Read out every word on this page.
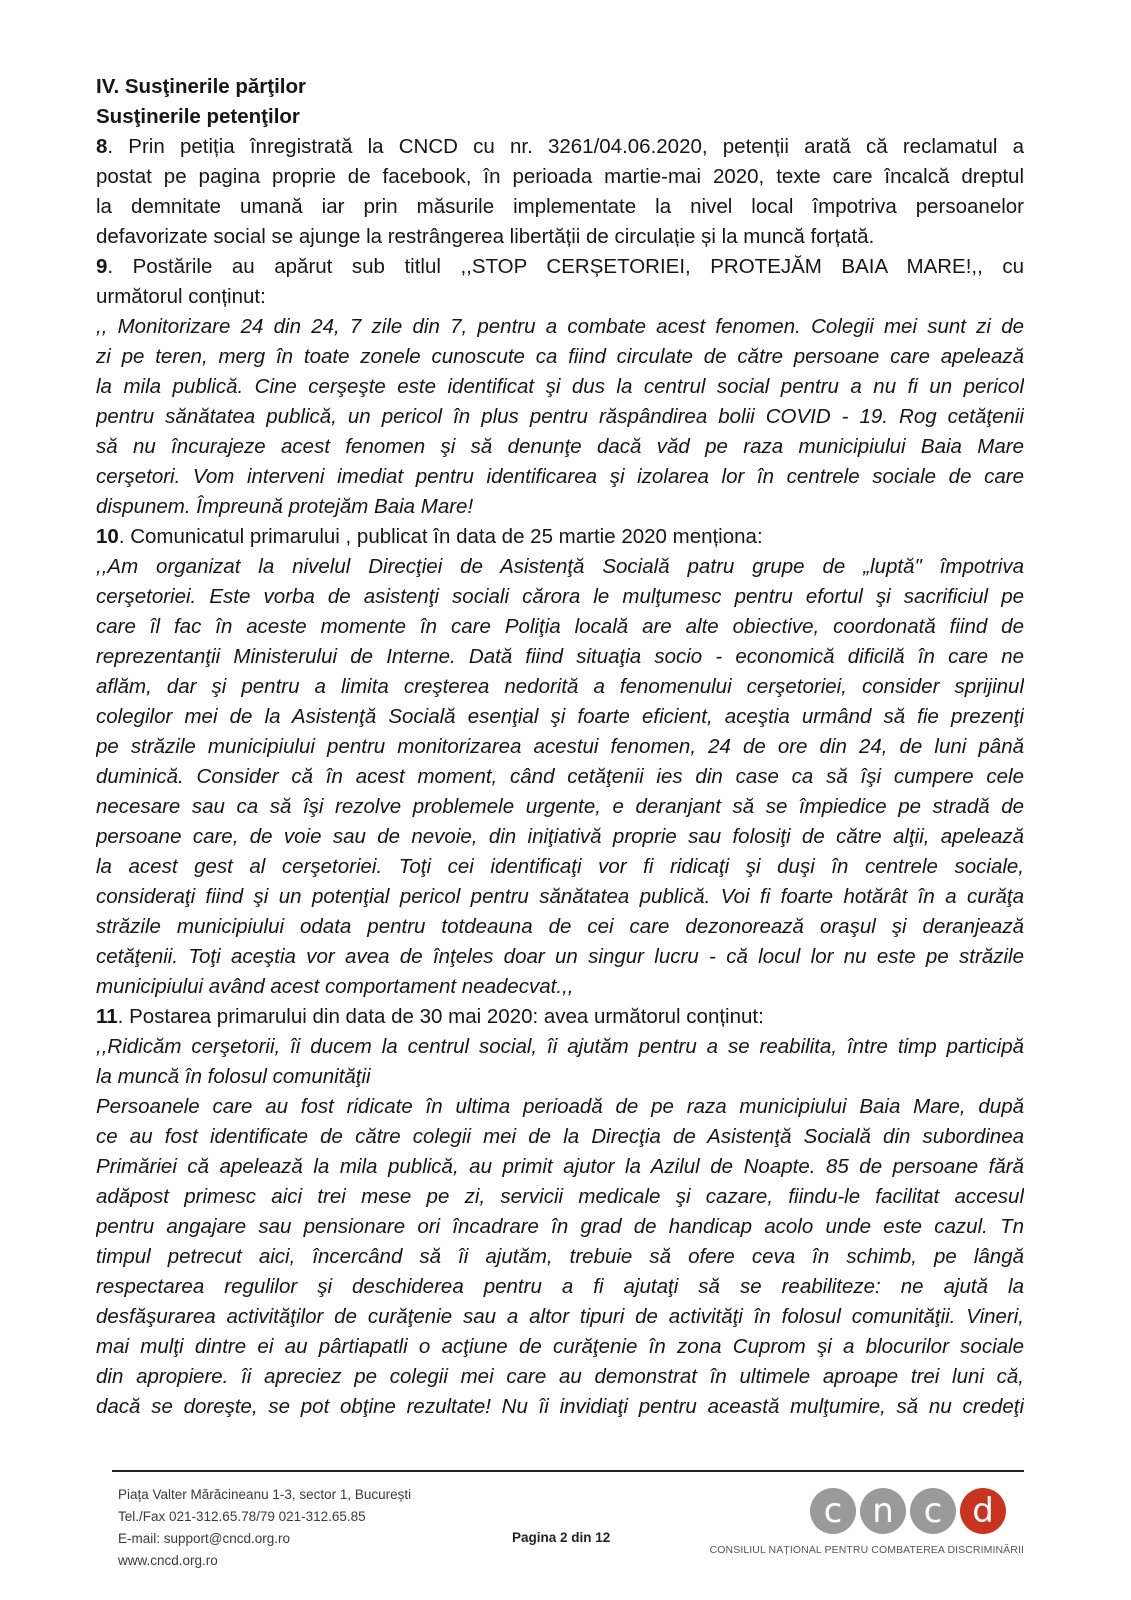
IV. Susţinerile părţilor
Susţinerile petenţilor
8. Prin petiția înregistrată la CNCD cu nr. 3261/04.06.2020, petenții arată că reclamatul a
postat pe pagina proprie de facebook, în perioada martie-mai 2020, texte care încalcă dreptul
la demnitate umană iar prin măsurile implementate la nivel local împotriva persoanelor
defavorizate social se ajunge la restrângerea libertății de circulație și la muncă forțată.
9. Postările au apărut sub titlul ,,STOP CERȘETORIEI, PROTEJĂM BAIA MARE!,, cu
următorul conținut:
,, Monitorizare 24 din 24, 7 zile din 7, pentru a combate acest fenomen. Colegii mei sunt zi de
zi pe teren, merg în toate zonele cunoscute ca fiind circulate de către persoane care apelează
la mila publică. Cine cerşeşte este identificat şi dus la centrul social pentru a nu fi un pericol
pentru sănătatea publică, un pericol în plus pentru răspândirea bolii COVID - 19. Rog cetăţenii
să nu încurajeze acest fenomen şi să denunţe dacă văd pe raza municipiului Baia Mare
cerşetori. Vom interveni imediat pentru identificarea şi izolarea lor în centrele sociale de care
dispunem. Împreună protejăm Baia Mare!
10. Comunicatul primarului , publicat în data de 25 martie 2020 menționa:
,,Am organizat la nivelul Direcţiei de Asistenţă Socială patru grupe de „luptă" împotriva
cerşetoriei. Este vorba de asistenţi sociali cărora le mulţumesc pentru efortul şi sacrificiul pe
care îl fac în aceste momente în care Poliţia locală are alte obiective, coordonată fiind de
reprezentanţii Ministerului de Interne. Dată fiind situaţia socio - economică dificilă în care ne
aflăm, dar şi pentru a limita creşterea nedorită a fenomenului cerşetoriei, consider sprijinul
colegilor mei de la Asistenţă Socială esenţial şi foarte eficient, aceştia urmând să fie prezenţi
pe străzile municipiului pentru monitorizarea acestui fenomen, 24 de ore din 24, de luni până
duminică. Consider că în acest moment, când cetăţenii ies din case ca să îşi cumpere cele
necesare sau ca să îşi rezolve problemele urgente, e deranjant să se împiedice pe stradă de
persoane care, de voie sau de nevoie, din iniţiativă proprie sau folosiţi de către alţii, apelează
la acest gest al cerşetoriei. Toţi cei identificaţi vor fi ridicaţi şi duşi în centrele sociale,
consideraţi fiind şi un potenţial pericol pentru sănătatea publică. Voi fi foarte hotărât în a curăţa
străzile municipiului odata pentru totdeauna de cei care dezonorează oraşul şi deranjează
cetăţenii. Toţi aceştia vor avea de înţeles doar un singur lucru - că locul lor nu este pe străzile
municipiului având acest comportament neadecvat.,,
11. Postarea primarului din data de 30 mai 2020: avea următorul conținut:
,,Ridicăm cerşetorii, îi ducem la centrul social, îi ajutăm pentru a se reabilita, între timp participă
la muncă în folosul comunităţii
Persoanele care au fost ridicate în ultima perioadă de pe raza municipiului Baia Mare, după
ce au fost identificate de către colegii mei de la Direcţia de Asistenţă Socială din subordinea
Primăriei că apelează la mila publică, au primit ajutor la Azilul de Noapte. 85 de persoane fără
adăpost primesc aici trei mese pe zi, servicii medicale şi cazare, fiindu-le facilitat accesul
pentru angajare sau pensionare ori încadrare în grad de handicap acolo unde este cazul. Tn
timpul petrecut aici, încercând să îi ajutăm, trebuie să ofere ceva în schimb, pe lângă
respectarea regulilor şi deschiderea pentru a fi ajutaţi să se reabiliteze: ne ajută la
desfăşurarea activităţilor de curăţenie sau a altor tipuri de activităţi în folosul comunităţii. Vineri,
mai mulţi dintre ei au pârtiapatli o acţiune de curăţenie în zona Cuprom şi a blocurilor sociale
din apropiere. îi apreciez pe colegii mei care au demonstrat în ultimele aproape trei luni că,
dacă se doreşte, se pot obţine rezultate! Nu îi invidiaţi pentru această mulţumire, să nu credeţi
Piața Valter Mărăcineanu 1-3, sector 1, București
Tel./Fax 021-312.65.78/79 021-312.65.85
E-mail: support@cncd.org.ro
www.cncd.org.ro
Pagina 2 din 12
c n c d
CONSILIUL NAȚIONAL PENTRU COMBATEREA DISCRIMINĂRII
